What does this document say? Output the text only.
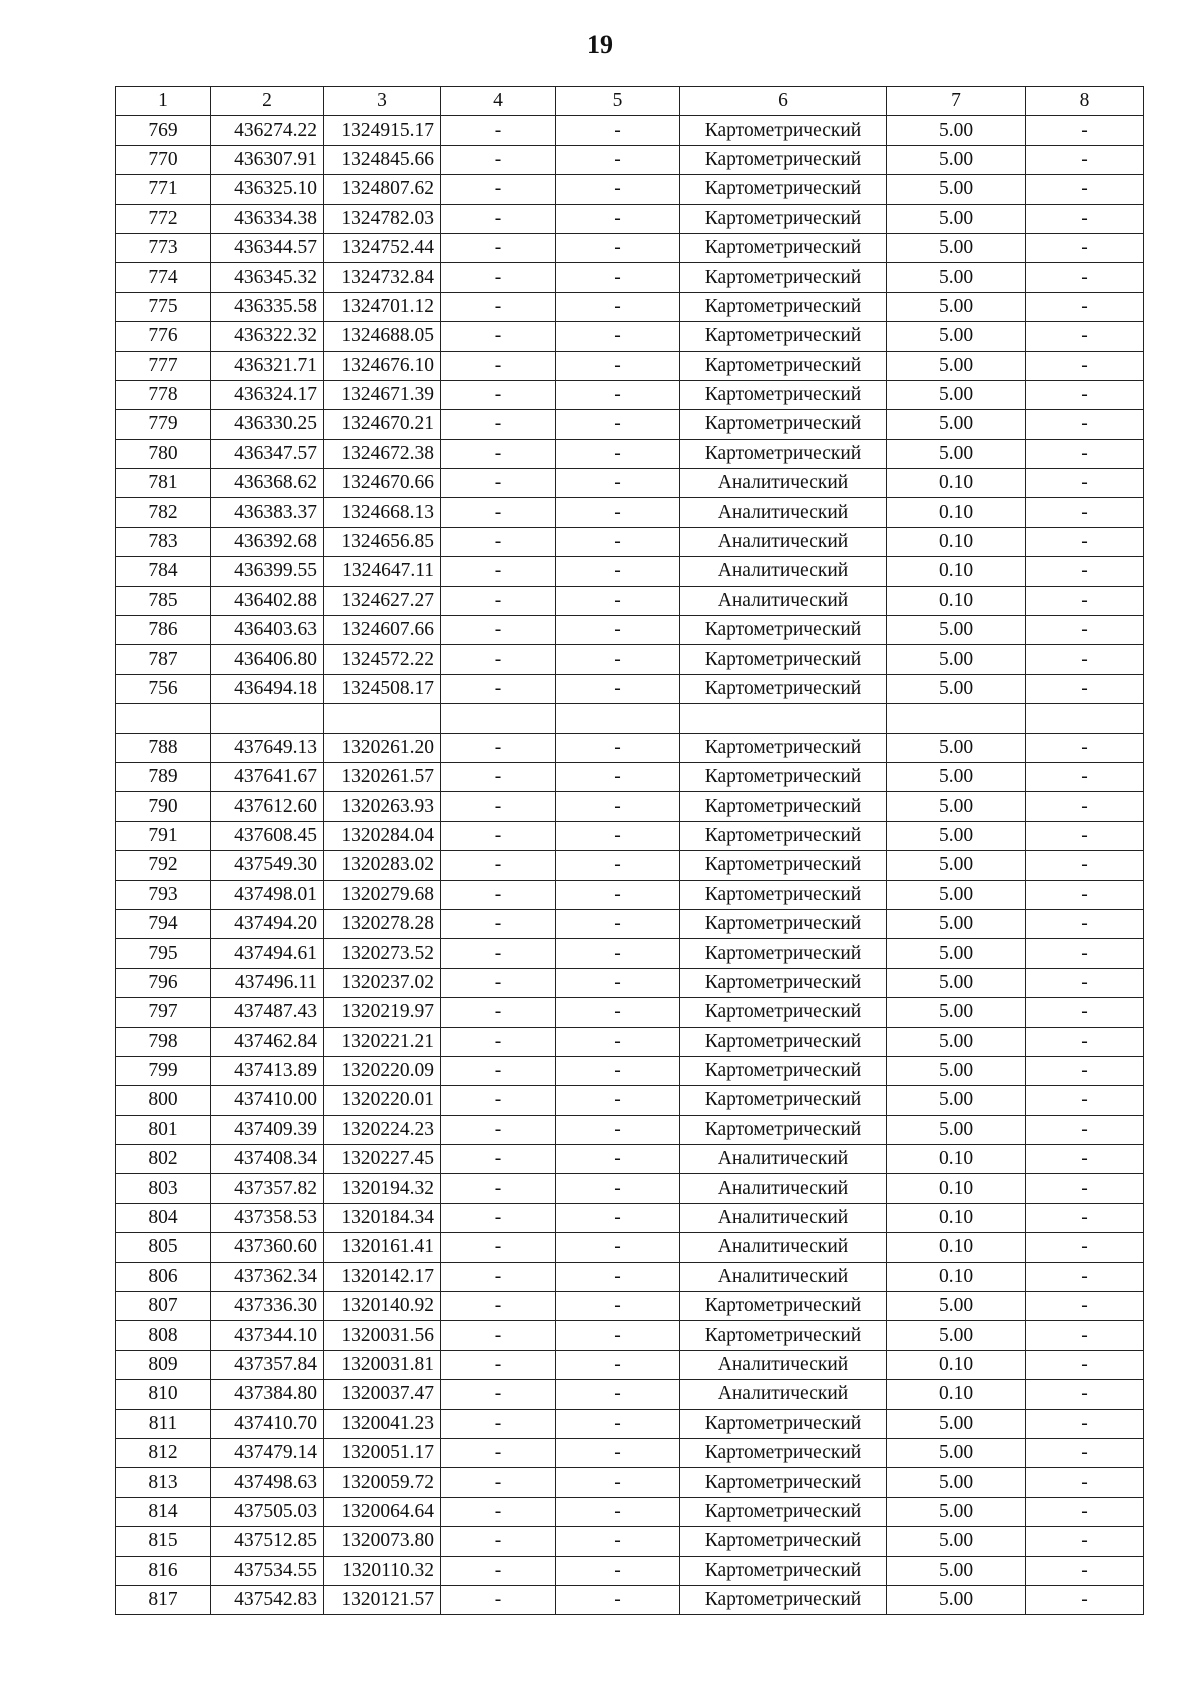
19
1	2	3	4	5	6	7	8
769	436274.22	1324915.17	-	-	Картометрический	5.00	-
770	436307.91	1324845.66	-	-	Картометрический	5.00	-
771	436325.10	1324807.62	-	-	Картометрический	5.00	-
772	436334.38	1324782.03	-	-	Картометрический	5.00	-
773	436344.57	1324752.44	-	-	Картометрический	5.00	-
774	436345.32	1324732.84	-	-	Картометрический	5.00	-
775	436335.58	1324701.12	-	-	Картометрический	5.00	-
776	436322.32	1324688.05	-	-	Картометрический	5.00	-
777	436321.71	1324676.10	-	-	Картометрический	5.00	-
778	436324.17	1324671.39	-	-	Картометрический	5.00	-
779	436330.25	1324670.21	-	-	Картометрический	5.00	-
780	436347.57	1324672.38	-	-	Картометрический	5.00	-
781	436368.62	1324670.66	-	-	Аналитический	0.10	-
782	436383.37	1324668.13	-	-	Аналитический	0.10	-
783	436392.68	1324656.85	-	-	Аналитический	0.10	-
784	436399.55	1324647.11	-	-	Аналитический	0.10	-
785	436402.88	1324627.27	-	-	Аналитический	0.10	-
786	436403.63	1324607.66	-	-	Картометрический	5.00	-
787	436406.80	1324572.22	-	-	Картометрический	5.00	-
756	436494.18	1324508.17	-	-	Картометрический	5.00	-

788	437649.13	1320261.20	-	-	Картометрический	5.00	-
789	437641.67	1320261.57	-	-	Картометрический	5.00	-
790	437612.60	1320263.93	-	-	Картометрический	5.00	-
791	437608.45	1320284.04	-	-	Картометрический	5.00	-
792	437549.30	1320283.02	-	-	Картометрический	5.00	-
793	437498.01	1320279.68	-	-	Картометрический	5.00	-
794	437494.20	1320278.28	-	-	Картометрический	5.00	-
795	437494.61	1320273.52	-	-	Картометрический	5.00	-
796	437496.11	1320237.02	-	-	Картометрический	5.00	-
797	437487.43	1320219.97	-	-	Картометрический	5.00	-
798	437462.84	1320221.21	-	-	Картометрический	5.00	-
799	437413.89	1320220.09	-	-	Картометрический	5.00	-
800	437410.00	1320220.01	-	-	Картометрический	5.00	-
801	437409.39	1320224.23	-	-	Картометрический	5.00	-
802	437408.34	1320227.45	-	-	Аналитический	0.10	-
803	437357.82	1320194.32	-	-	Аналитический	0.10	-
804	437358.53	1320184.34	-	-	Аналитический	0.10	-
805	437360.60	1320161.41	-	-	Аналитический	0.10	-
806	437362.34	1320142.17	-	-	Аналитический	0.10	-
807	437336.30	1320140.92	-	-	Картометрический	5.00	-
808	437344.10	1320031.56	-	-	Картометрический	5.00	-
809	437357.84	1320031.81	-	-	Аналитический	0.10	-
810	437384.80	1320037.47	-	-	Аналитический	0.10	-
811	437410.70	1320041.23	-	-	Картометрический	5.00	-
812	437479.14	1320051.17	-	-	Картометрический	5.00	-
813	437498.63	1320059.72	-	-	Картометрический	5.00	-
814	437505.03	1320064.64	-	-	Картометрический	5.00	-
815	437512.85	1320073.80	-	-	Картометрический	5.00	-
816	437534.55	1320110.32	-	-	Картометрический	5.00	-
817	437542.83	1320121.57	-	-	Картометрический	5.00	-
